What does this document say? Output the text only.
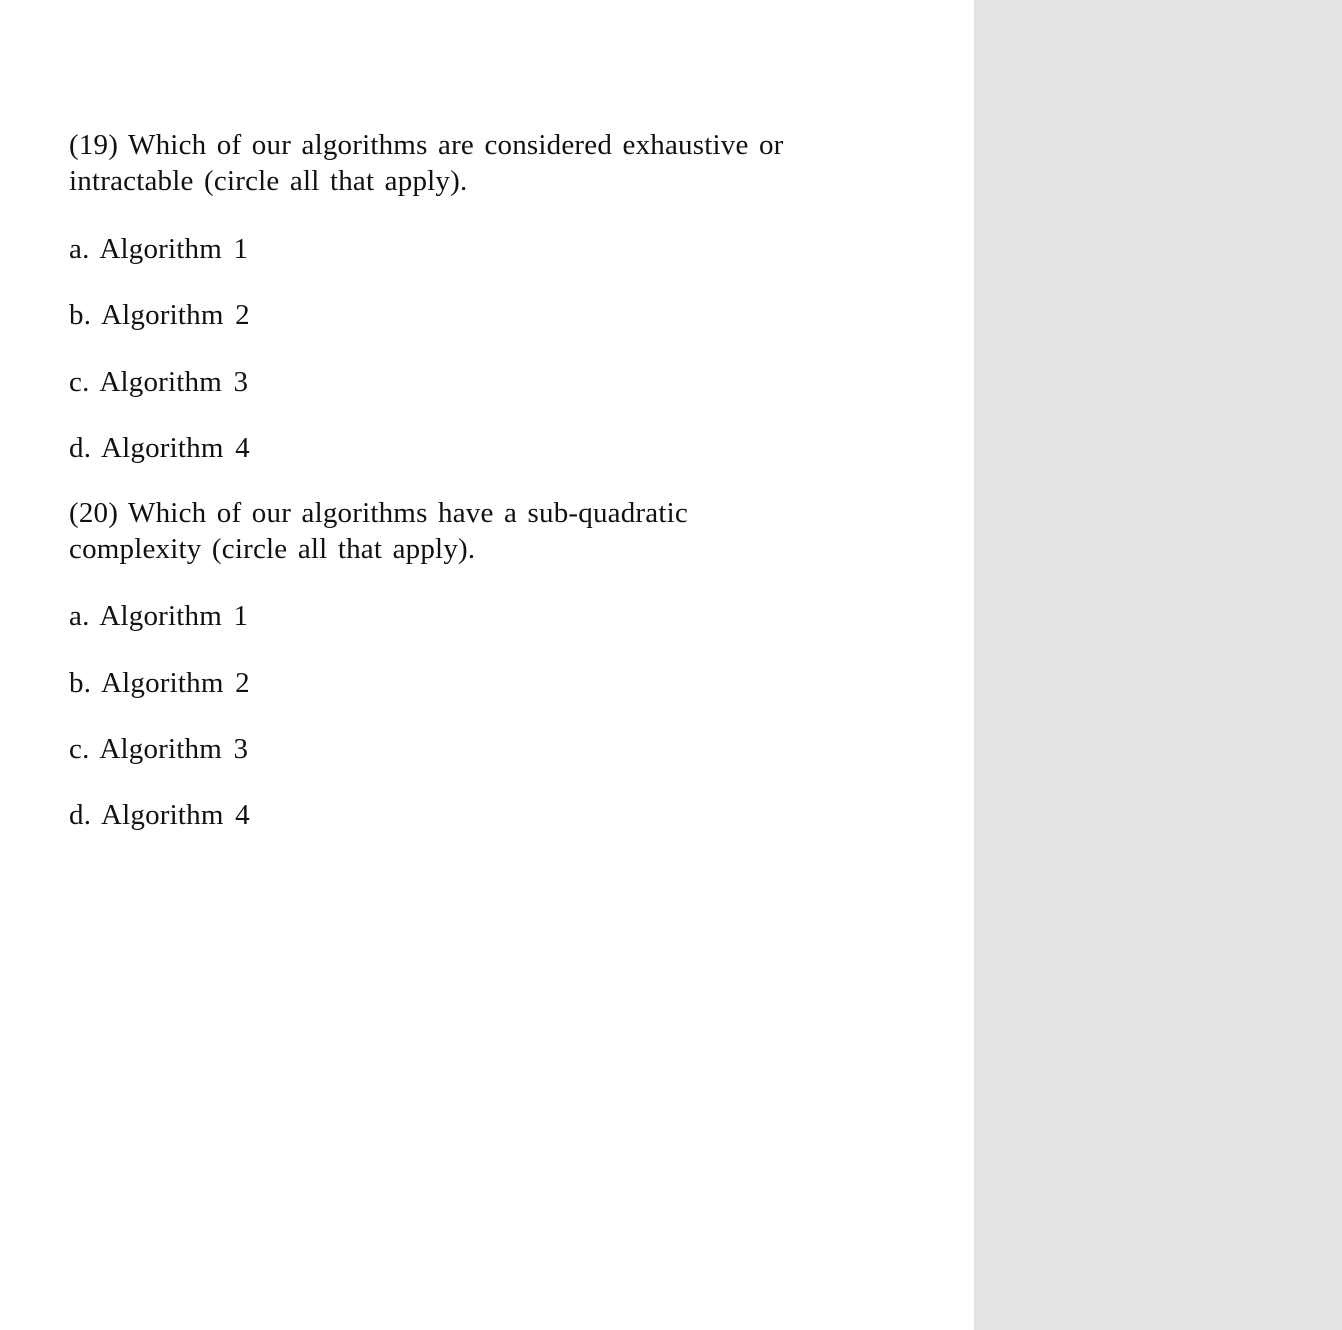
(19) Which of our algorithms are considered exhaustive or
intractable (circle all that apply).
a. Algorithm 1
b. Algorithm 2
c. Algorithm 3
d. Algorithm 4
(20) Which of our algorithms have a sub-quadratic
complexity (circle all that apply).
a. Algorithm 1
b. Algorithm 2
c. Algorithm 3
d. Algorithm 4
